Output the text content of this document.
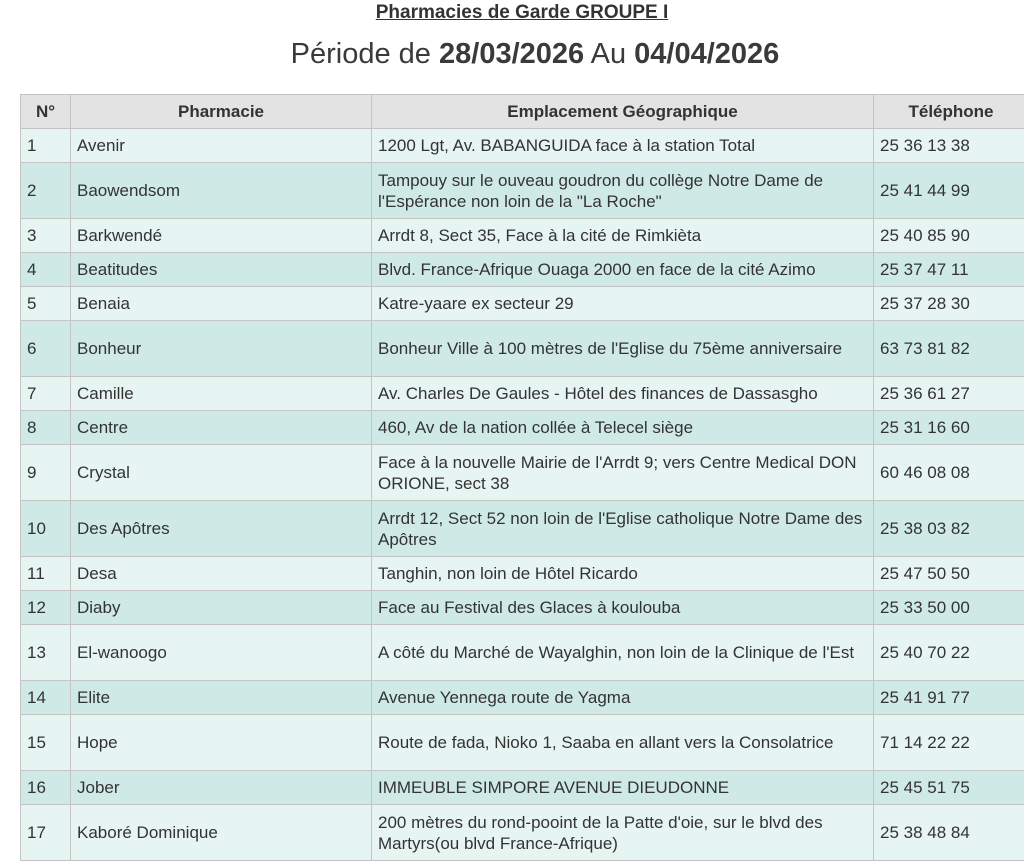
Pharmacies de Garde GROUPE I
Période de 28/03/2026 Au 04/04/2026
N°	Pharmacie	Emplacement Géographique	Téléphone
1	Avenir	1200 Lgt, Av. BABANGUIDA face à la station Total	25 36 13 38
2	Baowendsom	Tampouy sur le ouveau goudron du collège Notre Dame de l'Espérance non loin de la "La Roche"	25 41 44 99
3	Barkwendé	Arrdt 8, Sect 35, Face à la cité de Rimkièta	25 40 85 90
4	Beatitudes	Blvd. France-Afrique Ouaga 2000 en face de la cité Azimo	25 37 47 11
5	Benaia	Katre-yaare ex secteur 29	25 37 28 30
6	Bonheur	Bonheur Ville à 100 mètres de l'Eglise du 75ème anniversaire	63 73 81 82
7	Camille	Av. Charles De Gaules - Hôtel des finances de Dassasgho	25 36 61 27
8	Centre	460, Av de la nation collée à Telecel siège	25 31 16 60
9	Crystal	Face à la nouvelle Mairie de l'Arrdt 9; vers Centre Medical DON ORIONE, sect 38	60 46 08 08
10	Des Apôtres	Arrdt 12, Sect 52 non loin de l'Eglise catholique Notre Dame des Apôtres	25 38 03 82
11	Desa	Tanghin, non loin de Hôtel Ricardo	25 47 50 50
12	Diaby	Face au Festival des Glaces à koulouba	25 33 50 00
13	El-wanoogo	A côté du Marché de Wayalghin, non loin de la Clinique de l'Est	25 40 70 22
14	Elite	Avenue Yennega route de Yagma	25 41 91 77
15	Hope	Route de fada, Nioko 1, Saaba en allant vers la Consolatrice	71 14 22 22
16	Jober	IMMEUBLE SIMPORE AVENUE DIEUDONNE	25 45 51 75
17	Kaboré Dominique	200 mètres du rond-pooint de la Patte d'oie, sur le blvd des Martyrs(ou blvd France-Afrique)	25 38 48 84
